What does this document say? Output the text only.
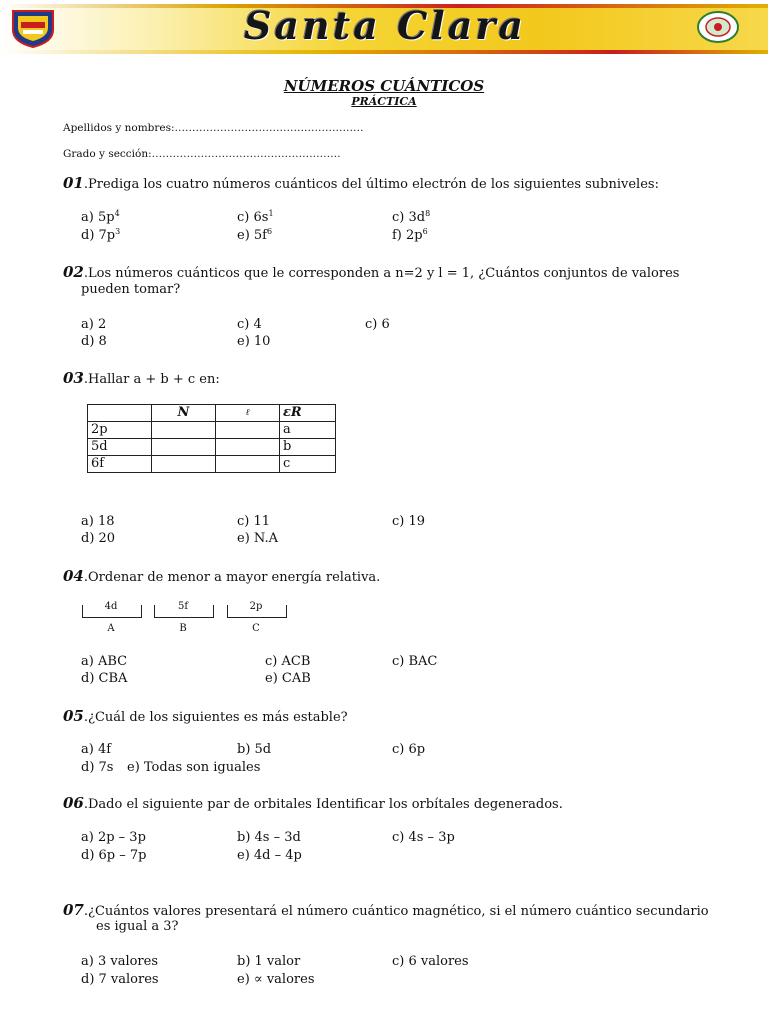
Santa Clara
NÚMEROS CUÁNTICOS
PRÁCTICA
Apellidos y nombres:………………………………………………
Grado y sección:………………………………………………
01.Prediga los cuatro números cuánticos del último electrón de los siguientes subniveles:
a) $5p^4$	c) $6s^1$	c) $3d^8$
d) $7p^3$	e) $5f^6$	f) $2p^6$
02.Los números cuánticos que le corresponden a n=2 y l = 1, ¿Cuántos conjuntos de valores
pueden tomar?
a) 2	c) 4	c) 6
d) 8	e) 10
03.Hallar a + b + c en:
	N	ℓ	εR
2p			a
5d			b
6f			c
a) 18	c) 11	c) 19
d) 20	e) N.A
04.Ordenar de menor a mayor energía relativa.
4d
A
5f
B
2p
C
a) ABC	c) ACB	c) BAC
d) CBA	e) CAB
05.¿Cuál de los siguientes es más estable?
a) 4f	b) 5d	c) 6p
d) 7s e) Todas son iguales
06.Dado el siguiente par de orbitales Identificar los orbítales degenerados.
a) 2p – 3p	b) 4s – 3d	c) 4s – 3p
d) 6p – 7p	e) 4d – 4p
07.¿Cuántos valores presentará el número cuántico magnético, si el número cuántico secundario
es igual a 3?
a) 3 valores	b) 1 valor	c) 6 valores
d) 7 valores	e) ∝ valores
